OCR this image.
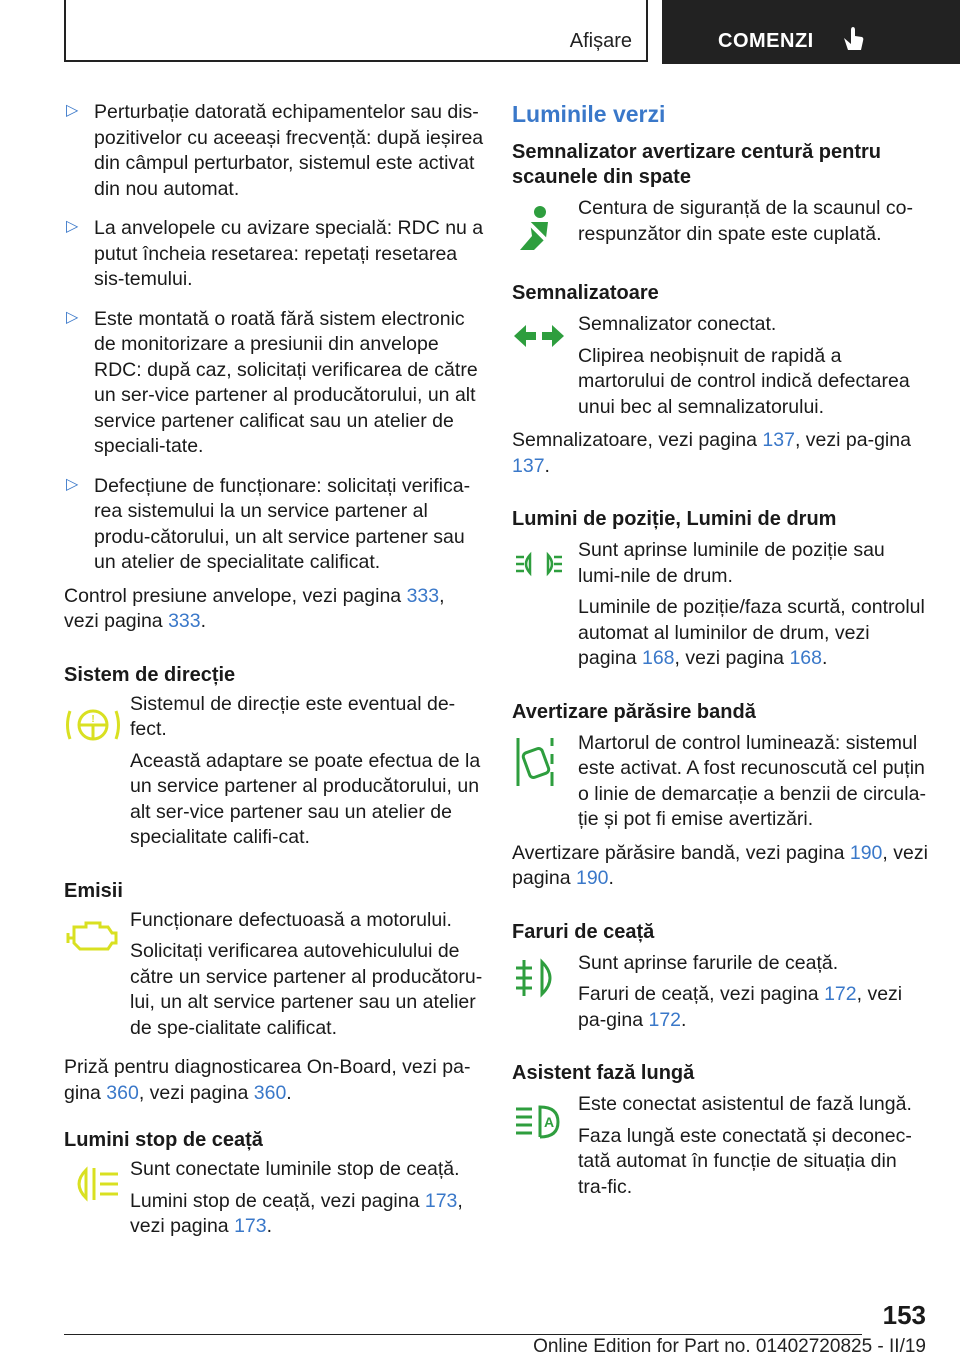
Afișare	COMENZI
▷ Perturbație datorată echipamentelor sau dis-pozitivelor cu aceeași frecvență: după ieșirea din câmpul perturbator, sistemul este activat din nou automat.

▷ La anvelopele cu avizare specială: RDC nu a putut încheia resetarea: repetați resetarea sis-temului.

▷ Este montată o roată fără sistem electronic de monitorizare a presiunii din anvelope RDC: după caz, solicitați verificarea de către un ser-vice partener al producătorului, un alt service partener calificat sau un atelier de speciali-tate.

▷ Defecțiune de funcționare: solicitați verifica-rea sistemului la un service partener al produ-cătorului, un alt service partener sau un atelier de specialitate calificat.

Control presiune anvelope, vezi pagina 333, vezi pagina 333.

Sistem de direcție
!

Sistemul de direcție este eventual de-fect.

Această adaptare se poate efectua de la un service partener al producătorului, un alt ser-vice partener sau un atelier de specialitate califi-cat.

Emisii

Funcționare defectuoasă a motorului.

Solicitați verificarea autovehiculului de către un service partener al producătoru-lui, un alt service partener sau un atelier de spe-cialitate calificat.

Priză pentru diagnosticarea On-Board, vezi pa-gina 360, vezi pagina 360.

Lumini stop de ceață

Sunt conectate luminile stop de ceață.

Lumini stop de ceață, vezi pagina 173, vezi pagina 173.

Luminile verzi
Semnalizator avertizare centură pentru scaunele din spate

Centura de siguranță de la scaunul co-respunzător din spate este cuplată.

Semnalizatoare

Semnalizator conectat.

Clipirea neobișnuit de rapidă a martorului de control indică defectarea unui bec al semnalizatorului.

Semnalizatoare, vezi pagina 137, vezi pa-gina 137.

Lumini de poziție, Lumini de drum

Sunt aprinse luminile de poziție sau lumi-nile de drum.

Luminile de poziție/faza scurtă, controlul automat al luminilor de drum, vezi pagina 168, vezi pagina 168.

Avertizare părăsire bandă

Martorul de control luminează: sistemul este activat. A fost recunoscută cel puțin o linie de demarcație a benzii de circula-ție și pot fi emise avertizări.

Avertizare părăsire bandă, vezi pagina 190, vezi pagina 190.

Faruri de ceață

Sunt aprinse farurile de ceață.

Faruri de ceață, vezi pagina 172, vezi pa-gina 172.

Asistent fază lungă
A

Este conectat asistentul de fază lungă.

Faza lungă este conectată și deconec-tată automat în funcție de situația din tra-fic.

153
Online Edition for Part no. 01402720825 - II/19
